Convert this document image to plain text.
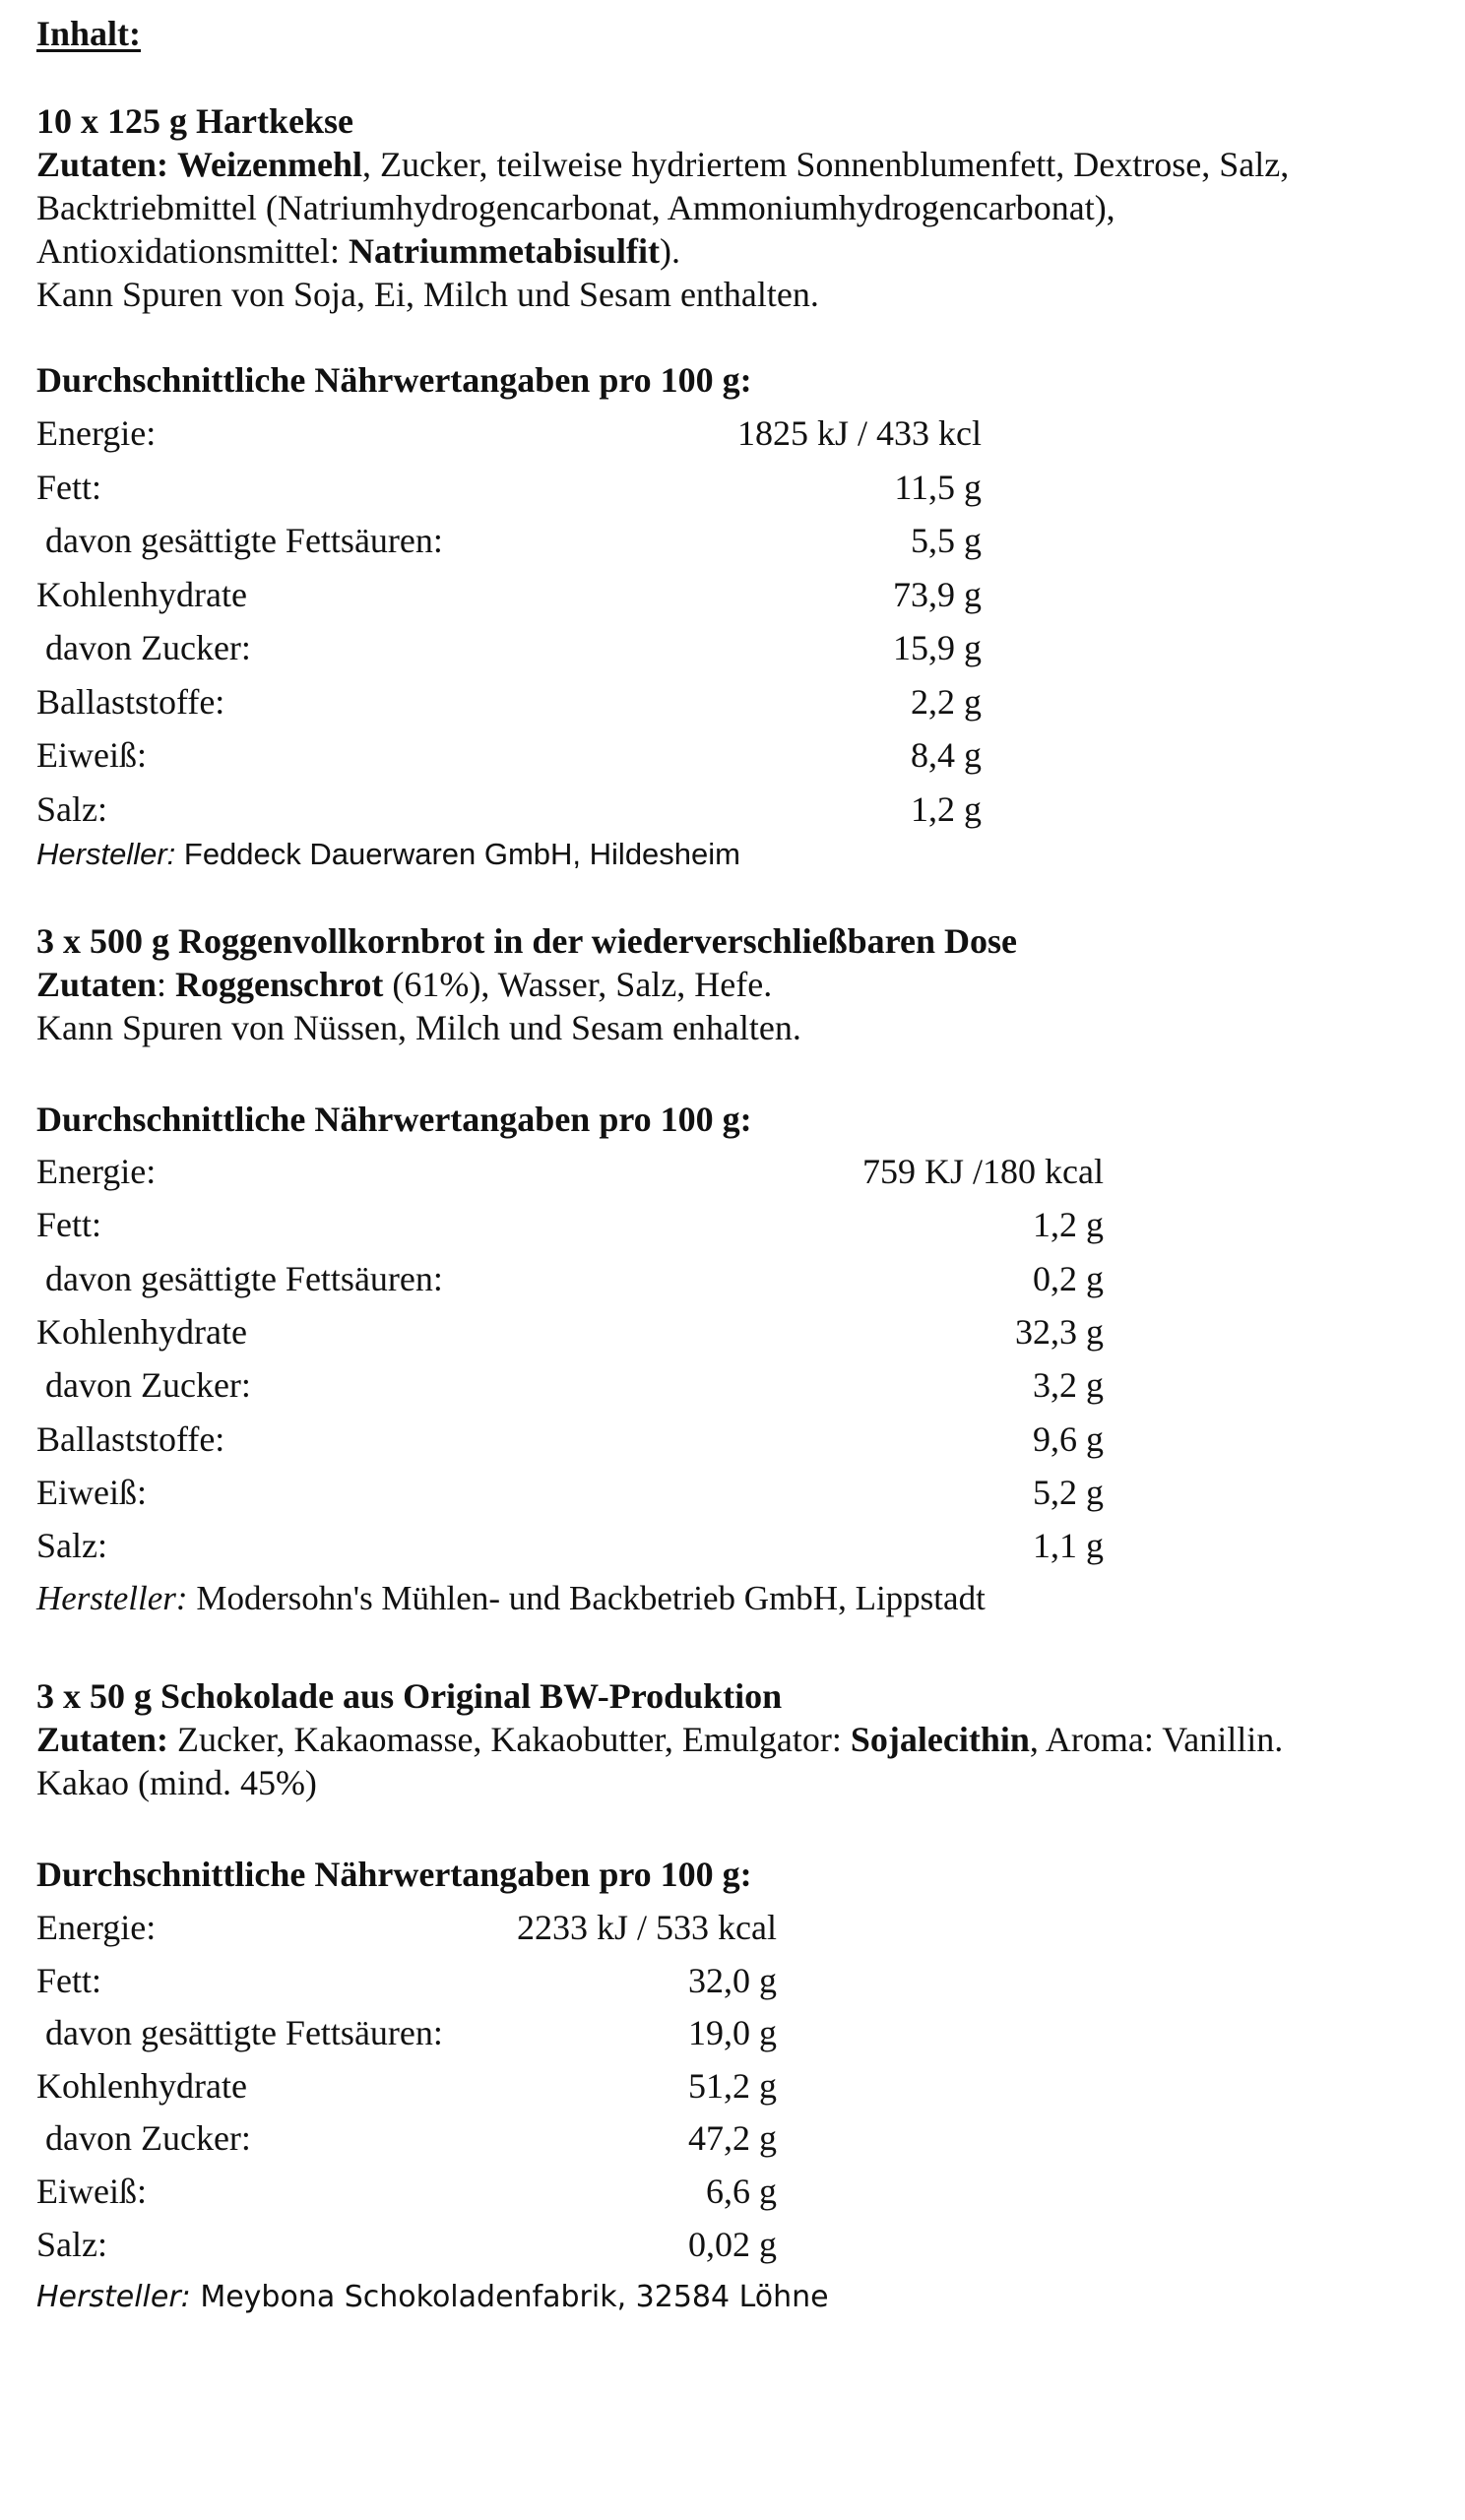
Inhalt:
10 x 125 g Hartkekse
Zutaten: Weizenmehl, Zucker, teilweise hydriertem Sonnenblumenfett, Dextrose, Salz,
Backtriebmittel (Natriumhydrogencarbonat, Ammoniumhydrogencarbonat),
Antioxidationsmittel: Natriummetabisulfit).
Kann Spuren von Soja, Ei, Milch und Sesam enthalten.
Durchschnittliche Nährwertangaben pro 100 g:
Energie:	1825 kJ / 433 kcl
Fett:	11,5 g
davon gesättigte Fettsäuren:	5,5 g
Kohlenhydrate	73,9 g
davon Zucker:	15,9 g
Ballaststoffe:	2,2 g
Eiweiß:	8,4 g
Salz:	1,2 g
Hersteller: Feddeck Dauerwaren GmbH, Hildesheim
3 x 500 g Roggenvollkornbrot in der wiederverschließbaren Dose
Zutaten: Roggenschrot (61%), Wasser, Salz, Hefe.
Kann Spuren von Nüssen, Milch und Sesam enhalten.
Durchschnittliche Nährwertangaben pro 100 g:
Energie:	759 KJ /180 kcal
Fett:	1,2 g
davon gesättigte Fettsäuren:	0,2 g
Kohlenhydrate	32,3 g
davon Zucker:	3,2 g
Ballaststoffe:	9,6 g
Eiweiß:	5,2 g
Salz:	1,1 g
Hersteller: Modersohn's Mühlen- und Backbetrieb GmbH, Lippstadt
3 x 50 g Schokolade aus Original BW-Produktion
Zutaten: Zucker, Kakaomasse, Kakaobutter, Emulgator: Sojalecithin, Aroma: Vanillin.
Kakao (mind. 45%)
Durchschnittliche Nährwertangaben pro 100 g:
Energie:	2233 kJ / 533 kcal
Fett:	32,0 g
davon gesättigte Fettsäuren:	19,0 g
Kohlenhydrate	51,2 g
davon Zucker:	47,2 g
Eiweiß:	6,6 g
Salz:	0,02 g
Hersteller: Meybona Schokoladenfabrik, 32584 Löhne
